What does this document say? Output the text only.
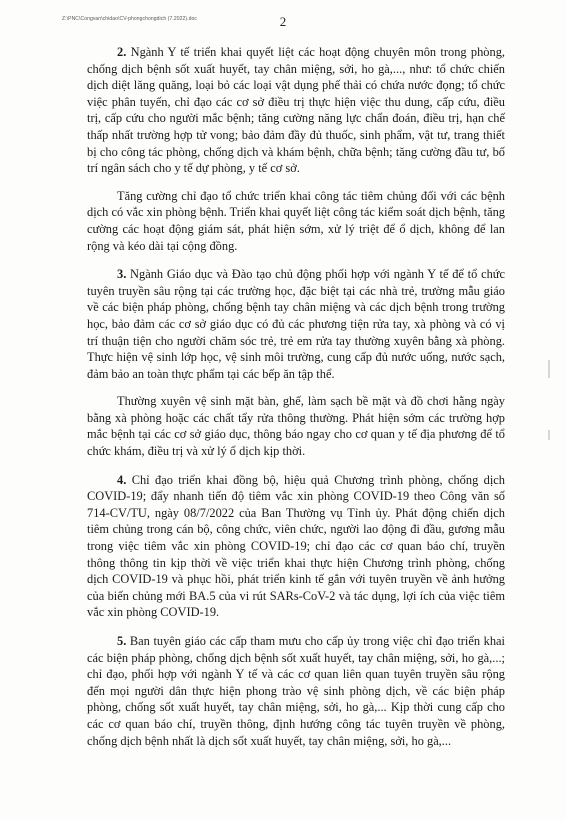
Z:\PNC\Congvan\chidao\CV-phongchongdich (7.2022).doc	2

2. Ngành Y tế triển khai quyết liệt các hoạt động chuyên môn trong phòng, chống dịch bệnh sốt xuất huyết, tay chân miệng, sởi, ho gà,..., như: tổ chức chiến dịch diệt lăng quăng, loại bỏ các loại vật dụng phế thải có chứa nước đọng; tổ chức việc phân tuyến, chỉ đạo các cơ sở điều trị thực hiện việc thu dung, cấp cứu, điều trị, cấp cứu cho người mắc bệnh; tăng cường năng lực chẩn đoán, điều trị, hạn chế thấp nhất trường hợp tử vong; bảo đảm đầy đủ thuốc, sinh phẩm, vật tư, trang thiết bị cho công tác phòng, chống dịch và khám bệnh, chữa bệnh; tăng cường đầu tư, bố trí ngân sách cho y tế dự phòng, y tế cơ sở.

Tăng cường chỉ đạo tổ chức triển khai công tác tiêm chủng đối với các bệnh dịch có vắc xin phòng bệnh. Triển khai quyết liệt công tác kiểm soát dịch bệnh, tăng cường các hoạt động giám sát, phát hiện sớm, xử lý triệt để ổ dịch, không để lan rộng và kéo dài tại cộng đồng.

3. Ngành Giáo dục và Đào tạo chủ động phối hợp với ngành Y tế để tổ chức tuyên truyền sâu rộng tại các trường học, đặc biệt tại các nhà trẻ, trường mẫu giáo về các biện pháp phòng, chống bệnh tay chân miệng và các dịch bệnh trong trường học, bảo đảm các cơ sở giáo dục có đủ các phương tiện rửa tay, xà phòng và có vị trí thuận tiện cho người chăm sóc trẻ, trẻ em rửa tay thường xuyên bằng xà phòng. Thực hiện vệ sinh lớp học, vệ sinh môi trường, cung cấp đủ nước uống, nước sạch, đảm bảo an toàn thực phẩm tại các bếp ăn tập thể.

Thường xuyên vệ sinh mặt bàn, ghế, làm sạch bề mặt và đồ chơi hằng ngày bằng xà phòng hoặc các chất tẩy rửa thông thường. Phát hiện sớm các trường hợp mắc bệnh tại các cơ sở giáo dục, thông báo ngay cho cơ quan y tế địa phương để tổ chức khám, điều trị và xử lý ổ dịch kịp thời.

4. Chỉ đạo triển khai đồng bộ, hiệu quả Chương trình phòng, chống dịch COVID-19; đẩy nhanh tiến độ tiêm vắc xin phòng COVID-19 theo Công văn số 714-CV/TU, ngày 08/7/2022 của Ban Thường vụ Tỉnh ủy. Phát động chiến dịch tiêm chủng trong cán bộ, công chức, viên chức, người lao động đi đầu, gương mẫu trong việc tiêm vắc xin phòng COVID-19; chỉ đạo các cơ quan báo chí, truyền thông thông tin kịp thời về việc triển khai thực hiện Chương trình phòng, chống dịch COVID-19 và phục hồi, phát triển kinh tế gắn với tuyên truyền về ảnh hưởng của biến chủng mới BA.5 của vi rút SARs-CoV-2 và tác dụng, lợi ích của việc tiêm vắc xin phòng COVID-19.

5. Ban tuyên giáo các cấp tham mưu cho cấp ủy trong việc chỉ đạo triển khai các biện pháp phòng, chống dịch bệnh sốt xuất huyết, tay chân miệng, sởi, ho gà,...; chỉ đạo, phối hợp với ngành Y tế và các cơ quan liên quan tuyên truyền sâu rộng đến mọi người dân thực hiện phong trào vệ sinh phòng dịch, về các biện pháp phòng, chống sốt xuất huyết, tay chân miệng, sởi, ho gà,... Kịp thời cung cấp cho các cơ quan báo chí, truyền thông, định hướng công tác tuyên truyền về phòng, chống dịch bệnh nhất là dịch sốt xuất huyết, tay chân miệng, sởi, ho gà,...
